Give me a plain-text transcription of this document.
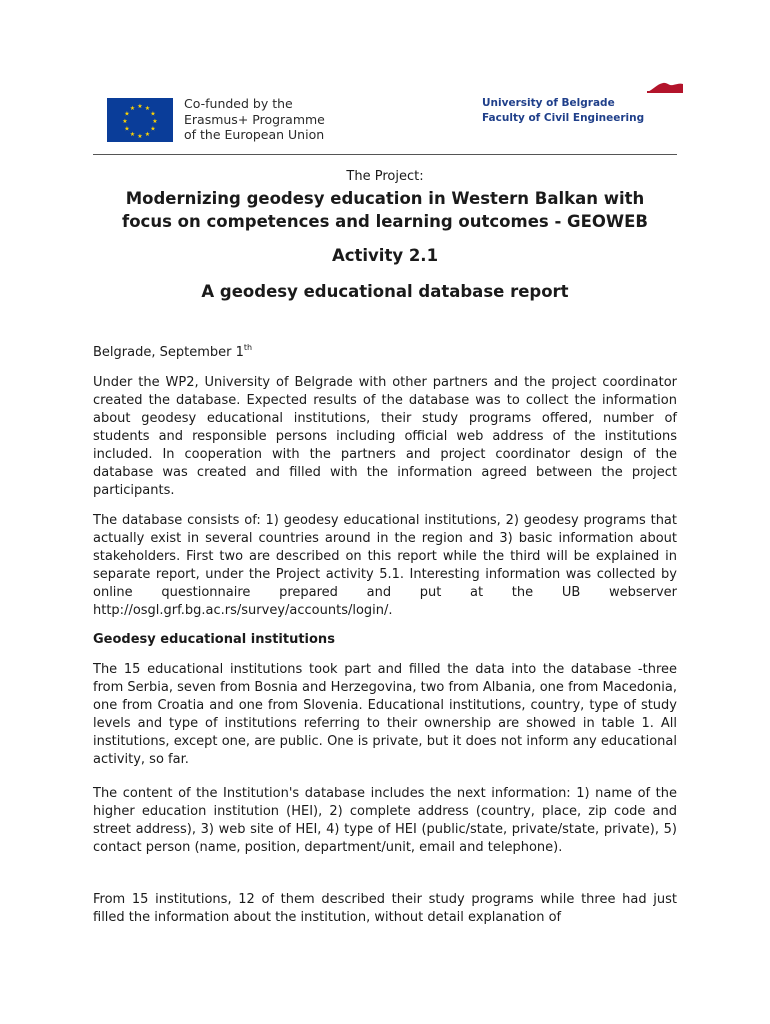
★ ★
★
★
★
★
★
★
★
★
★
★	Co-funded by the
Erasmus+ Programme
of the European Union
University of Belgrade
Faculty of Civil Engineering
The Project:
Modernizing geodesy education in Western Balkan with
focus on competences and learning outcomes - GEOWEB
Activity 2.1
A geodesy educational database report

Belgrade, September 1th

Under the WP2, University of Belgrade with other partners and the project coordinator created the database. Expected results of the database was to collect the information about geodesy educational institutions, their study programs offered, number of students and responsible persons including official web address of the institutions included. In cooperation with the partners and project coordinator design of the database was created and filled with the information agreed between the project participants.

The database consists of: 1) geodesy educational institutions, 2) geodesy programs that actually exist in several countries around in the region and 3) basic information about stakeholders. First two are described on this report while the third will be explained in separate report, under the Project activity 5.1. Interesting information was collected by online questionnaire prepared and put at the UB webserver http://osgl.grf.bg.ac.rs/survey/accounts/login/.

Geodesy educational institutions

The 15 educational institutions took part and filled the data into the database -three from Serbia, seven from Bosnia and Herzegovina, two from Albania, one from Macedonia, one from Croatia and one from Slovenia. Educational institutions, country, type of study levels and type of institutions referring to their ownership are showed in table 1. All institutions, except one, are public. One is private, but it does not inform any educational activity, so far.

The content of the Institution's database includes the next information: 1) name of the higher education institution (HEI), 2) complete address (country, place, zip code and street address), 3) web site of HEI, 4) type of HEI (public/state, private/state, private), 5) contact person (name, position, department/unit, email and telephone).

From 15 institutions, 12 of them described their study programs while three had just filled the information about the institution, without detail explanation of
